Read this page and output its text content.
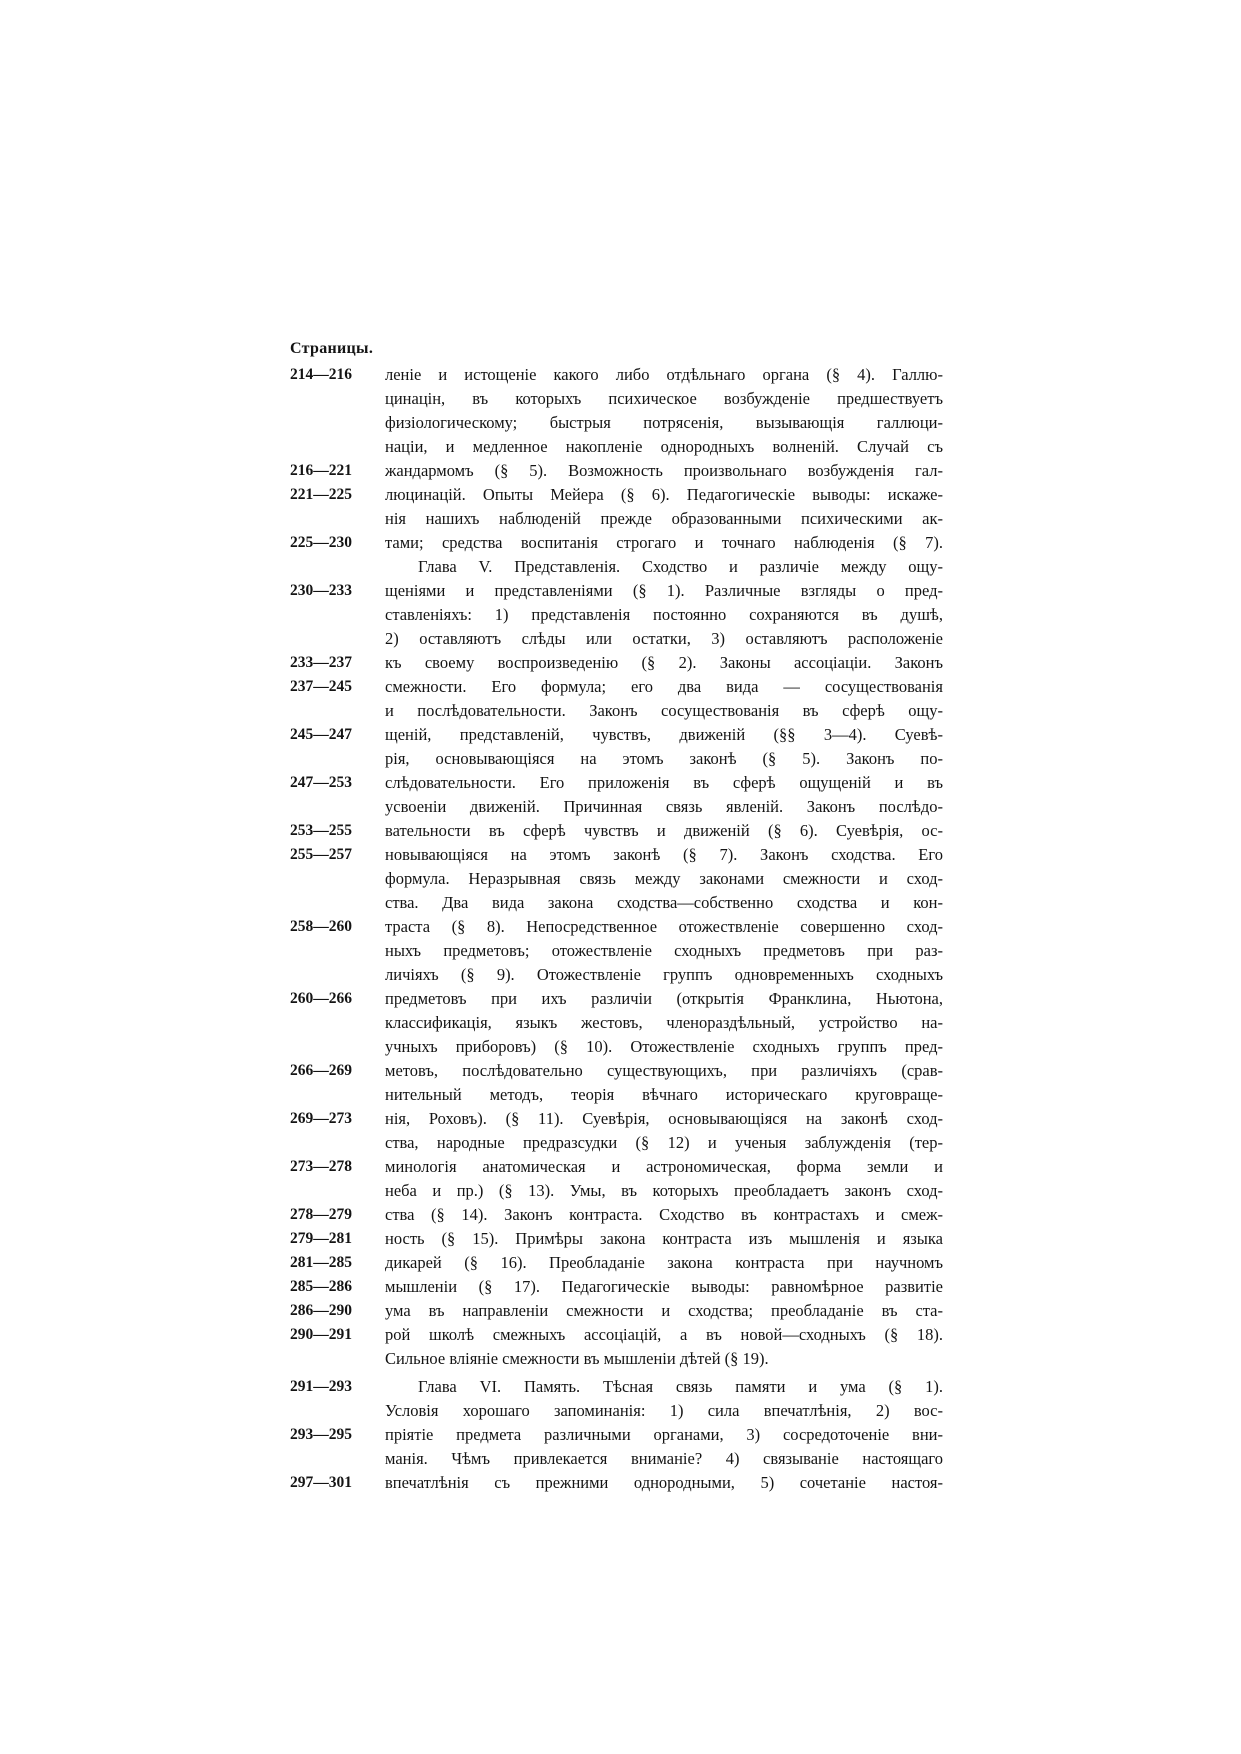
Страницы.
214—216	леніе и истощеніе какого либо отдѣльнаго органа (§ 4). Галлю-
цинацін, въ которыхъ психическое возбужденіе предшествуетъ
физіологическому; быстрыя потрясенія, вызывающія галлюци-
націи, и медленное накопленіе однородныхъ волненій. Случай съ
216—221	жандармомъ (§ 5). Возможность произвольнаго возбужденія гал-
221—225	люцинацій. Опыты Мейера (§ 6). Педагогическіе выводы: искаже-
нія нашихъ наблюденій прежде образованными психическими ак-
225—230	тами; средства воспитанія строгаго и точнаго наблюденія (§ 7).
Глава V. Представленія. Сходство и различіе между ощу-
230—233	щеніями и представленіями (§ 1). Различные взгляды о пред-
ставленіяхъ: 1) представленія постоянно сохраняются въ душѣ,
2) оставляютъ слѣды или остатки, 3) оставляютъ расположеніе
233—237	къ своему воспроизведенію (§ 2). Законы ассоціаціи. Законъ
237—245	смежности. Его формула; его два вида — сосуществованія
и послѣдовательности. Законъ сосуществованія въ сферѣ ощу-
245—247	щеній, представленій, чувствъ, движеній (§§ 3—4). Суевѣ-
рія, основывающіяся на этомъ законѣ (§ 5). Законъ по-
247—253	слѣдовательности. Его приложенія въ сферѣ ощущеній и въ
усвоеніи движеній. Причинная связь явленій. Законъ послѣдо-
253—255	вательности въ сферѣ чувствъ и движеній (§ 6). Суевѣрія, ос-
255—257	новывающіяся на этомъ законѣ (§ 7). Законъ сходства. Его
формула. Неразрывная связь между законами смежности и сход-
ства. Два вида закона сходства—собственно сходства и кон-
258—260	траста (§ 8). Непосредственное отожествленіе совершенно сход-
ныхъ предметовъ; отожествленіе сходныхъ предметовъ при раз-
личіяхъ (§ 9). Отожествленіе группъ одновременныхъ сходныхъ
260—266	предметовъ при ихъ различіи (открытія Франклина, Ньютона,
классификація, языкъ жестовъ, членораздѣльный, устройство на-
учныхъ приборовъ) (§ 10). Отожествленіе сходныхъ группъ пред-
266—269	метовъ, послѣдовательно существующихъ, при различіяхъ (срав-
нительный методъ, теорія вѣчнаго историческаго круговраще-
269—273	нія, Роховъ). (§ 11). Суевѣрія, основывающіяся на законѣ сход-
ства, народные предразсудки (§ 12) и ученыя заблужденія (тер-
273—278	минологія анатомическая и астрономическая, форма земли и
неба и пр.) (§ 13). Умы, въ которыхъ преобладаетъ законъ сход-
278—279	ства (§ 14). Законъ контраста. Сходство въ контрастахъ и смеж-
279—281	ность (§ 15). Примѣры закона контраста изъ мышленія и языка
281—285	дикарей (§ 16). Преобладаніе закона контраста при научномъ
285—286	мышленіи (§ 17). Педагогическіе выводы: равномѣрное развитіе
286—290	ума въ направленіи смежности и сходства; преобладаніе въ ста-
290—291	рой школѣ смежныхъ ассоціацій, а въ новой—сходныхъ (§ 18).
Сильное вліяніе смежности въ мышленіи дѣтей (§ 19).
291—293	Глава VI. Память. Тѣсная связь памяти и ума (§ 1).
Условія хорошаго запоминанія: 1) сила впечатлѣнія, 2) вос-
293—295	пріятіе предмета различными органами, 3) сосредоточеніе вни-
манія. Чѣмъ привлекается вниманіе? 4) связываніе настоящаго
297—301	впечатлѣнія съ прежними однородными, 5) сочетаніе настоя-
